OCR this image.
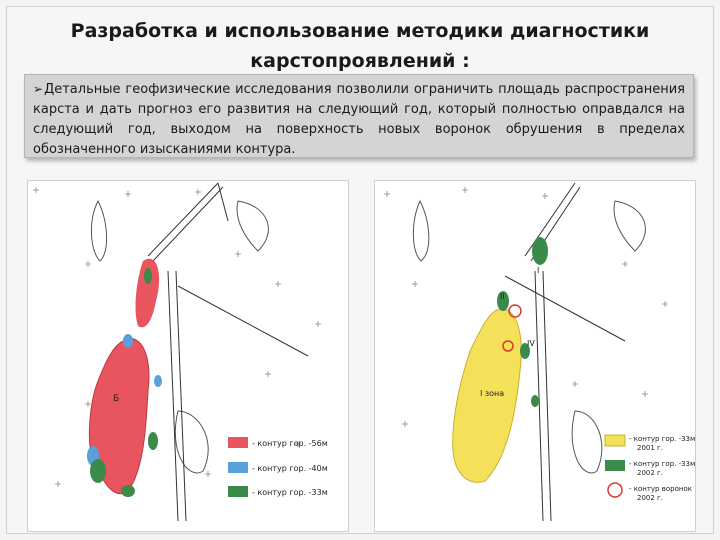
Разработка и использование методики диагностики
карстопроявлений :

➢Детальные геофизические исследования позволили ограничить площадь распространения карста и дать прогноз его развития на следующий год, который полностью оправдался на следующий год, выходом на поверхность новых воронок обрушения в пределах обозначенного изысканиями контура.

Б
- контур гор. -56м
- контур гор. -40м
- контур гор. -33м
I зона
II
IV
I
- контур гор. -33м
2001 г.
- контур гор. -33м
2002 г.
- контур воронок
2002 г.
